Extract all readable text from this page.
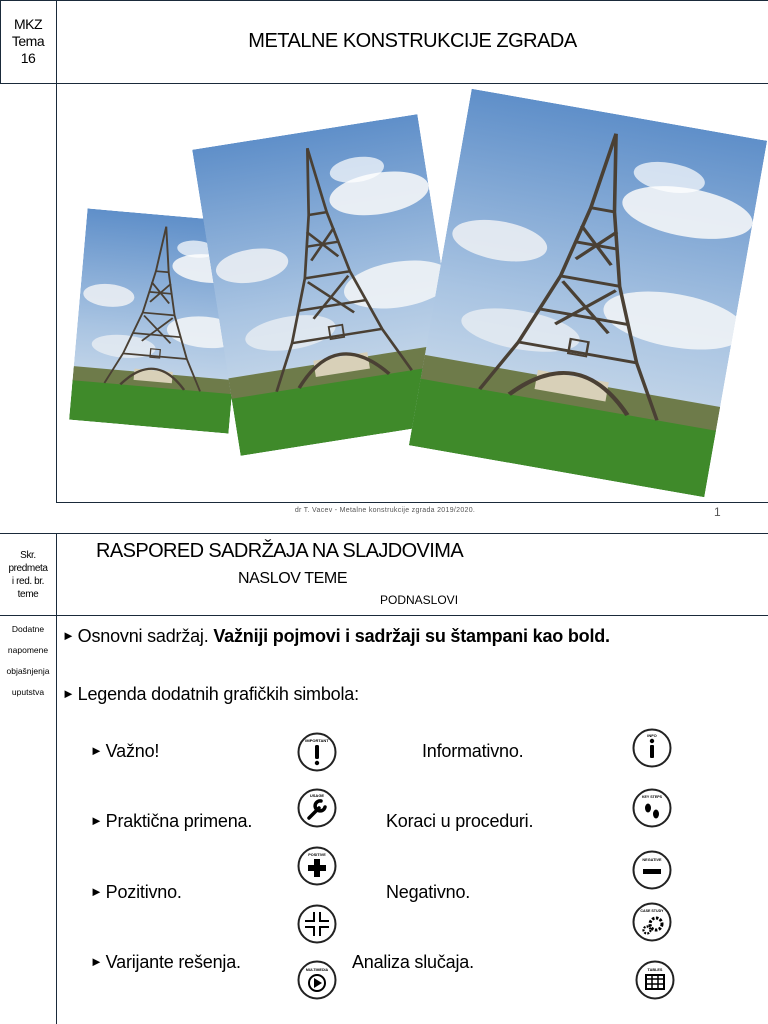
MKZ
Tema
16
METALNE KONSTRUKCIJE ZGRADA
dr T. Vacev - Metalne konstrukcije zgrada 2019/2020.	1
Skr.
predmeta
i red. br.
teme
RASPORED SADRŽAJA NA SLAJDOVIMA
NASLOV TEME
PODNASLOVI
Dodatne
napomene
objašnjenja
uputstva
► Osnovni sadržaj. Važniji pojmovi i sadržaji su štampani kao bold.
► Legenda dodatnih grafičkih simbola:
► Važno!	Informativno.
► Praktična primena.	Koraci u proceduri.
► Pozitivno.	Negativno.
► Varijante rešenja.	Analiza slučaja.
IMPORTANT
INFO
USAGE	KEY STEPS
POSITIVE
NEGATIVE
CASE STUDY
MULTIMEDIA	TABLES
